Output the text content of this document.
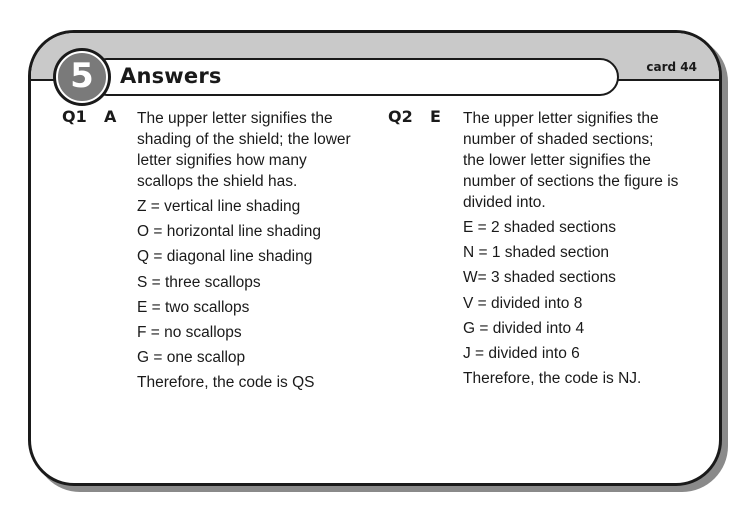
card 44
Answers
5
Q1 A The upper letter signifies the

shading of the shield; the lower

letter signifies how many

scallops the shield has.

Z = vertical line shading

O = horizontal line shading

Q = diagonal line shading

S = three scallops

E = two scallops

F = no scallops

G = one scallop

Therefore, the code is QS

Q2 E The upper letter signifies the

number of shaded sections;

the lower letter signifies the

number of sections the figure is

divided into.

E = 2 shaded sections

N = 1 shaded section

W= 3 shaded sections

V = divided into 8

G = divided into 4

J = divided into 6

Therefore, the code is NJ.
